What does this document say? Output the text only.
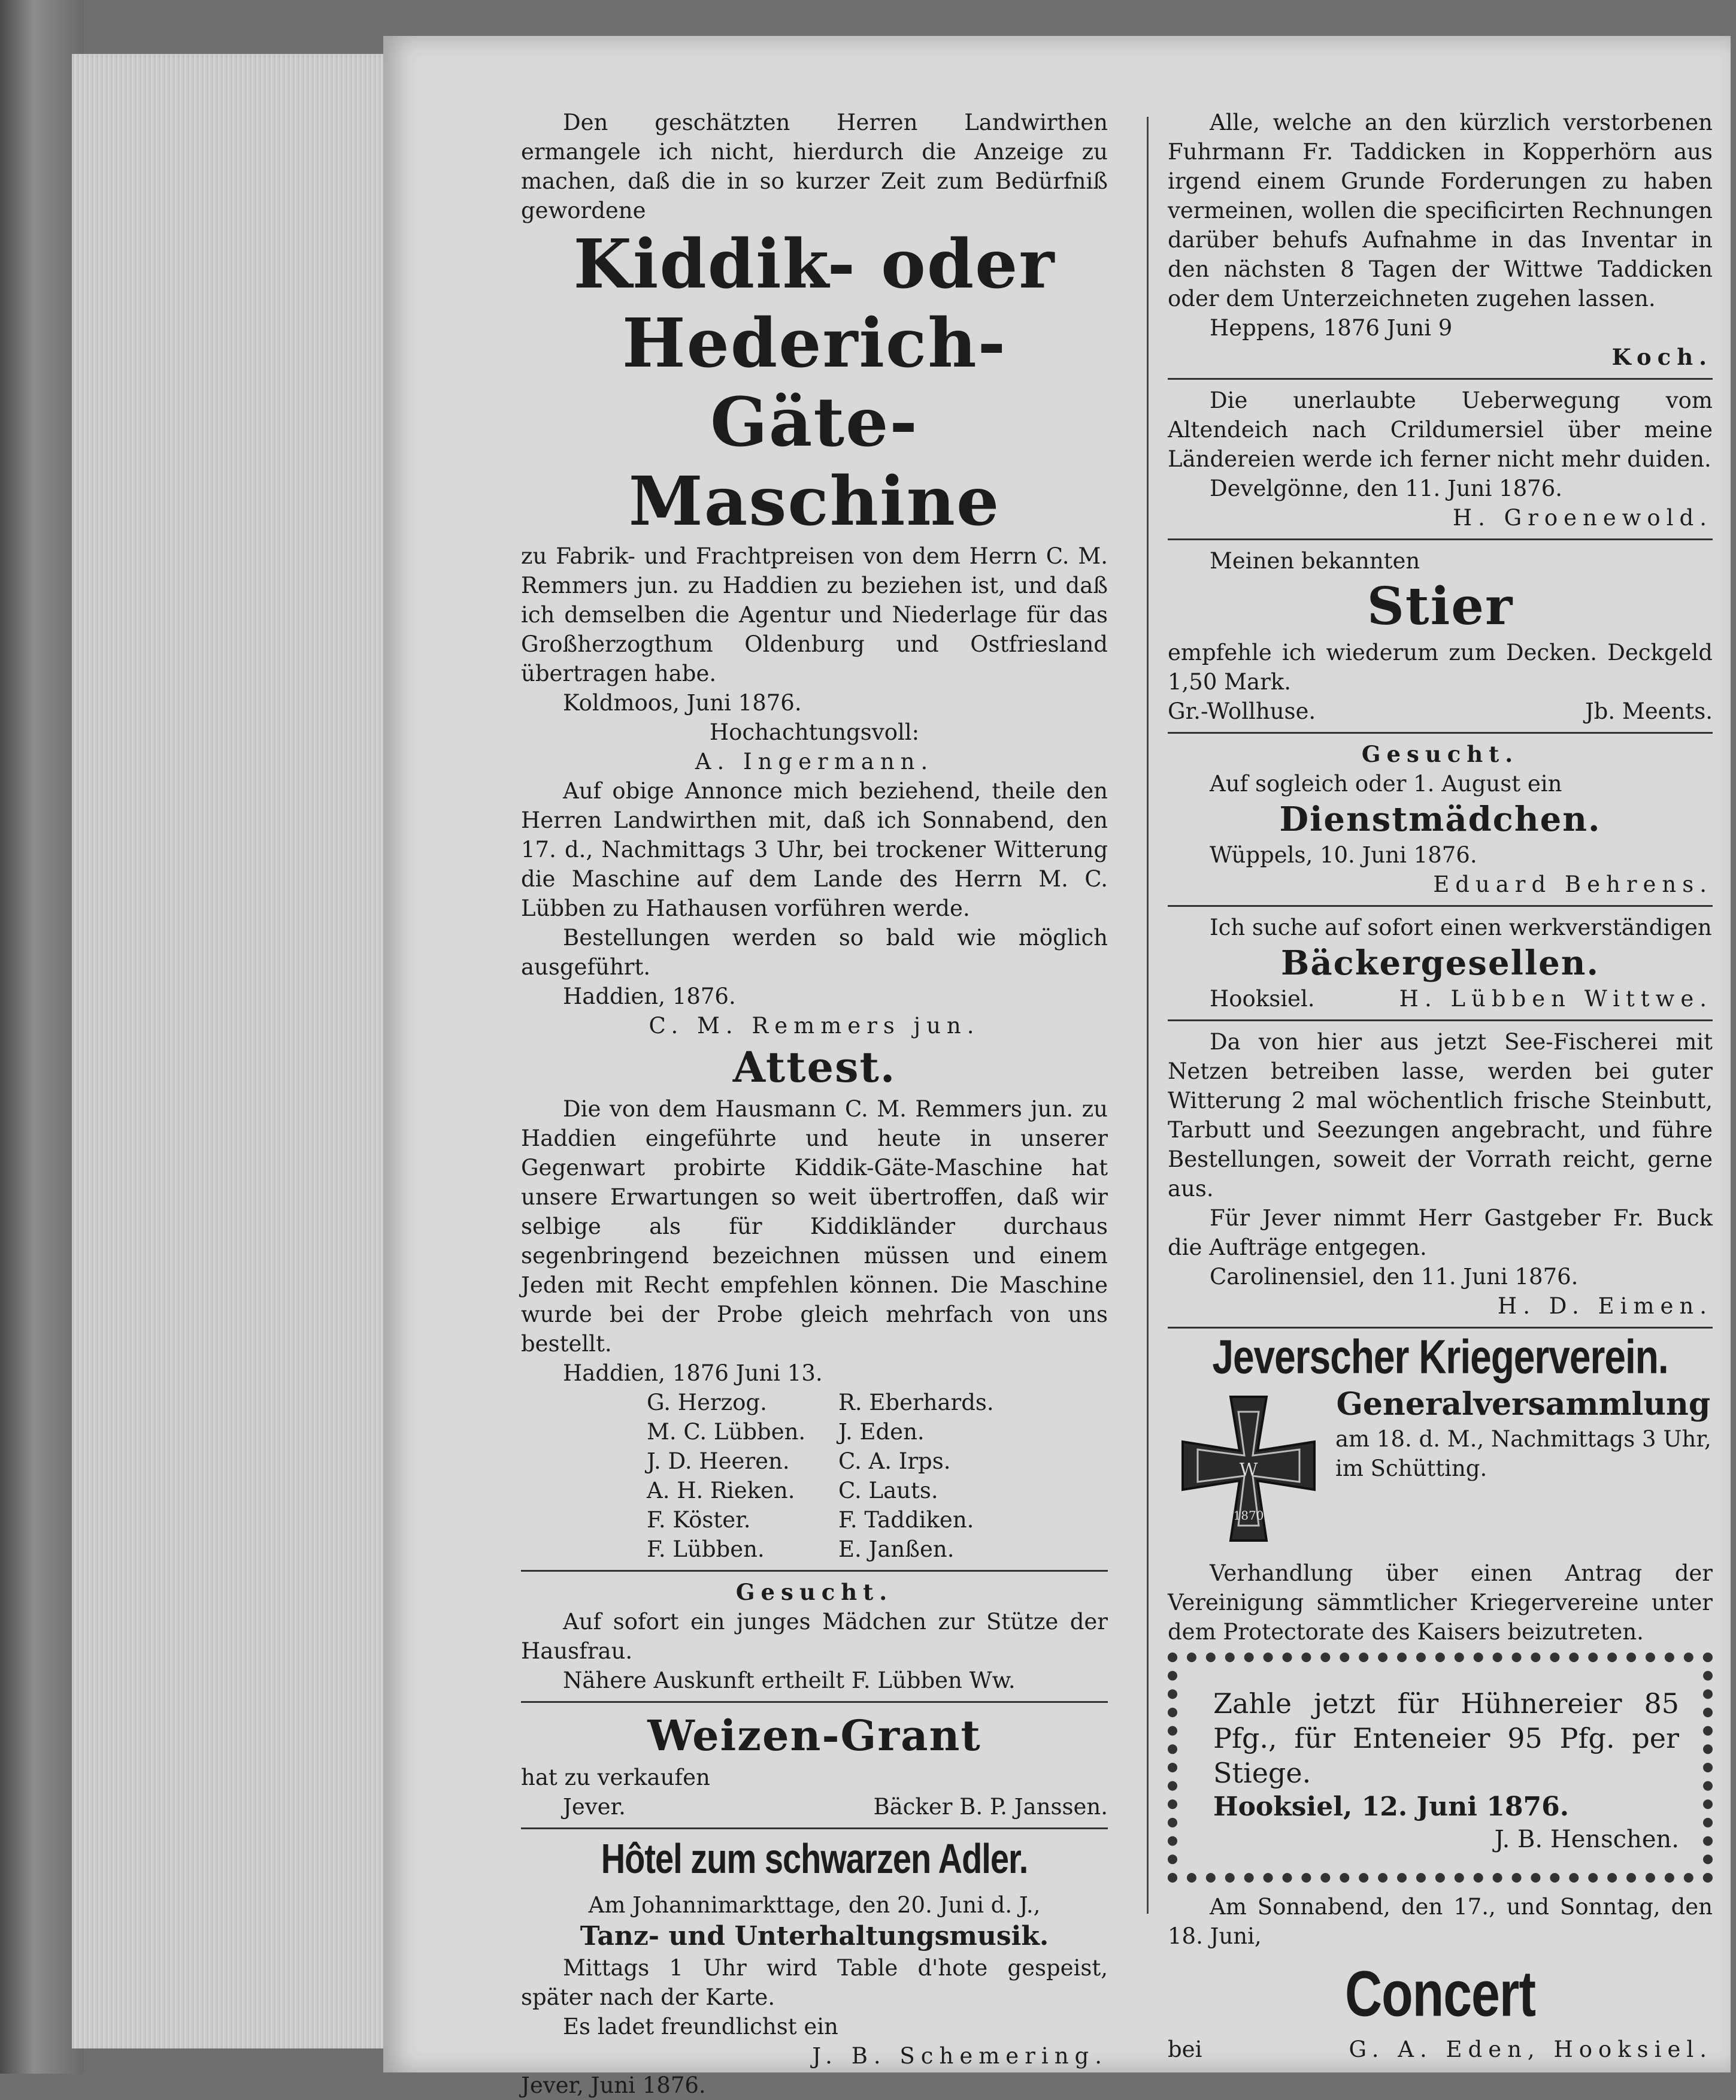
Den geschätzten Herren Landwirthen ermangele ich nicht, hierdurch die Anzeige zu machen, daß die in so kurzer Zeit zum Bedürfniß gewordene

Kiddik- oder

Hederich-Gäte-

Maschine

zu Fabrik- und Frachtpreisen von dem Herrn C. M. Remmers jun. zu Haddien zu beziehen ist, und daß ich demselben die Agentur und Niederlage für das Großherzogthum Oldenburg und Ostfriesland übertragen habe.

Koldmoos, Juni 1876.

Hochachtungsvoll:

A. Ingermann.

Auf obige Annonce mich beziehend, theile den Herren Landwirthen mit, daß ich Sonnabend, den 17. d., Nachmittags 3 Uhr, bei trockener Witterung die Maschine auf dem Lande des Herrn M. C. Lübben zu Hathausen vorführen werde.

Bestellungen werden so bald wie möglich ausgeführt.

Haddien, 1876.

C. M. Remmers jun.

Attest.

Die von dem Hausmann C. M. Remmers jun. zu Haddien eingeführte und heute in unserer Gegenwart probirte Kiddik-Gäte-Maschine hat unsere Erwartungen so weit übertroffen, daß wir selbige als für Kiddikländer durchaus segenbringend bezeichnen müssen und einem Jeden mit Recht empfehlen können. Die Maschine wurde bei der Probe gleich mehrfach von uns bestellt.

Haddien, 1876 Juni 13.

G. Herzog.	R. Eberhards.
M. C. Lübben.	J. Eden.
J. D. Heeren.	C. A. Irps.
A. H. Rieken.	C. Lauts.
F. Köster.	F. Taddiken.
F. Lübben.	E. Janßen.

Gesucht.

Auf sofort ein junges Mädchen zur Stütze der Hausfrau.

Nähere Auskunft ertheilt F. Lübben Ww.

Weizen-Grant

hat zu verkaufen

Jever.	Bäcker B. P. Janssen.

Hôtel zum schwarzen Adler.

Am Johannimarkttage, den 20. Juni d. J.,

Tanz- und Unterhaltungsmusik.

Mittags 1 Uhr wird Table d'hote gespeist, später nach der Karte.

Es ladet freundlichst ein

J. B. Schemering.

Jever, Juni 1876.

Alle, welche an den kürzlich verstorbenen Fuhrmann Fr. Taddicken in Kopperhörn aus irgend einem Grunde Forderungen zu haben vermeinen, wollen die specificirten Rechnungen darüber behufs Aufnahme in das Inventar in den nächsten 8 Tagen der Wittwe Taddicken oder dem Unterzeichneten zugehen lassen.

Heppens, 1876 Juni 9

Koch.

Die unerlaubte Ueberwegung vom Altendeich nach Crildumersiel über meine Ländereien werde ich ferner nicht mehr duiden.

Develgönne, den 11. Juni 1876.

H. Groenewold.

Meinen bekannten

Stier

empfehle ich wiederum zum Decken. Deckgeld 1,50 Mark.

Gr.-Wollhuse.	Jb. Meents.

Gesucht.

Auf sogleich oder 1. August ein

Dienstmädchen.

Wüppels, 10. Juni 1876.

Eduard Behrens.

Ich suche auf sofort einen werkverständigen

Bäckergesellen.

Hooksiel.	H. Lübben Wittwe.

Da von hier aus jetzt See-Fischerei mit Netzen betreiben lasse, werden bei guter Witterung 2 mal wöchentlich frische Steinbutt, Tarbutt und Seezungen angebracht, und führe Bestellungen, soweit der Vorrath reicht, gerne aus.

Für Jever nimmt Herr Gastgeber Fr. Buck die Aufträge entgegen.

Carolinensiel, den 11. Juni 1876.

H. D. Eimen.

Jeverscher Kriegerverein.

W
1870

Generalversammlung

am 18. d. M., Nachmittags 3 Uhr,

im Schütting.

Verhandlung über einen Antrag der Vereinigung sämmtlicher Kriegervereine unter dem Protectorate des Kaisers beizutreten.

Zahle jetzt für Hühnereier 85 Pfg., für Enteneier 95 Pfg. per Stiege.

Hooksiel, 12. Juni 1876.

J. B. Henschen.

Am Sonnabend, den 17., und Sonntag, den 18. Juni,

Concert

bei	G. A. Eden, Hooksiel.
